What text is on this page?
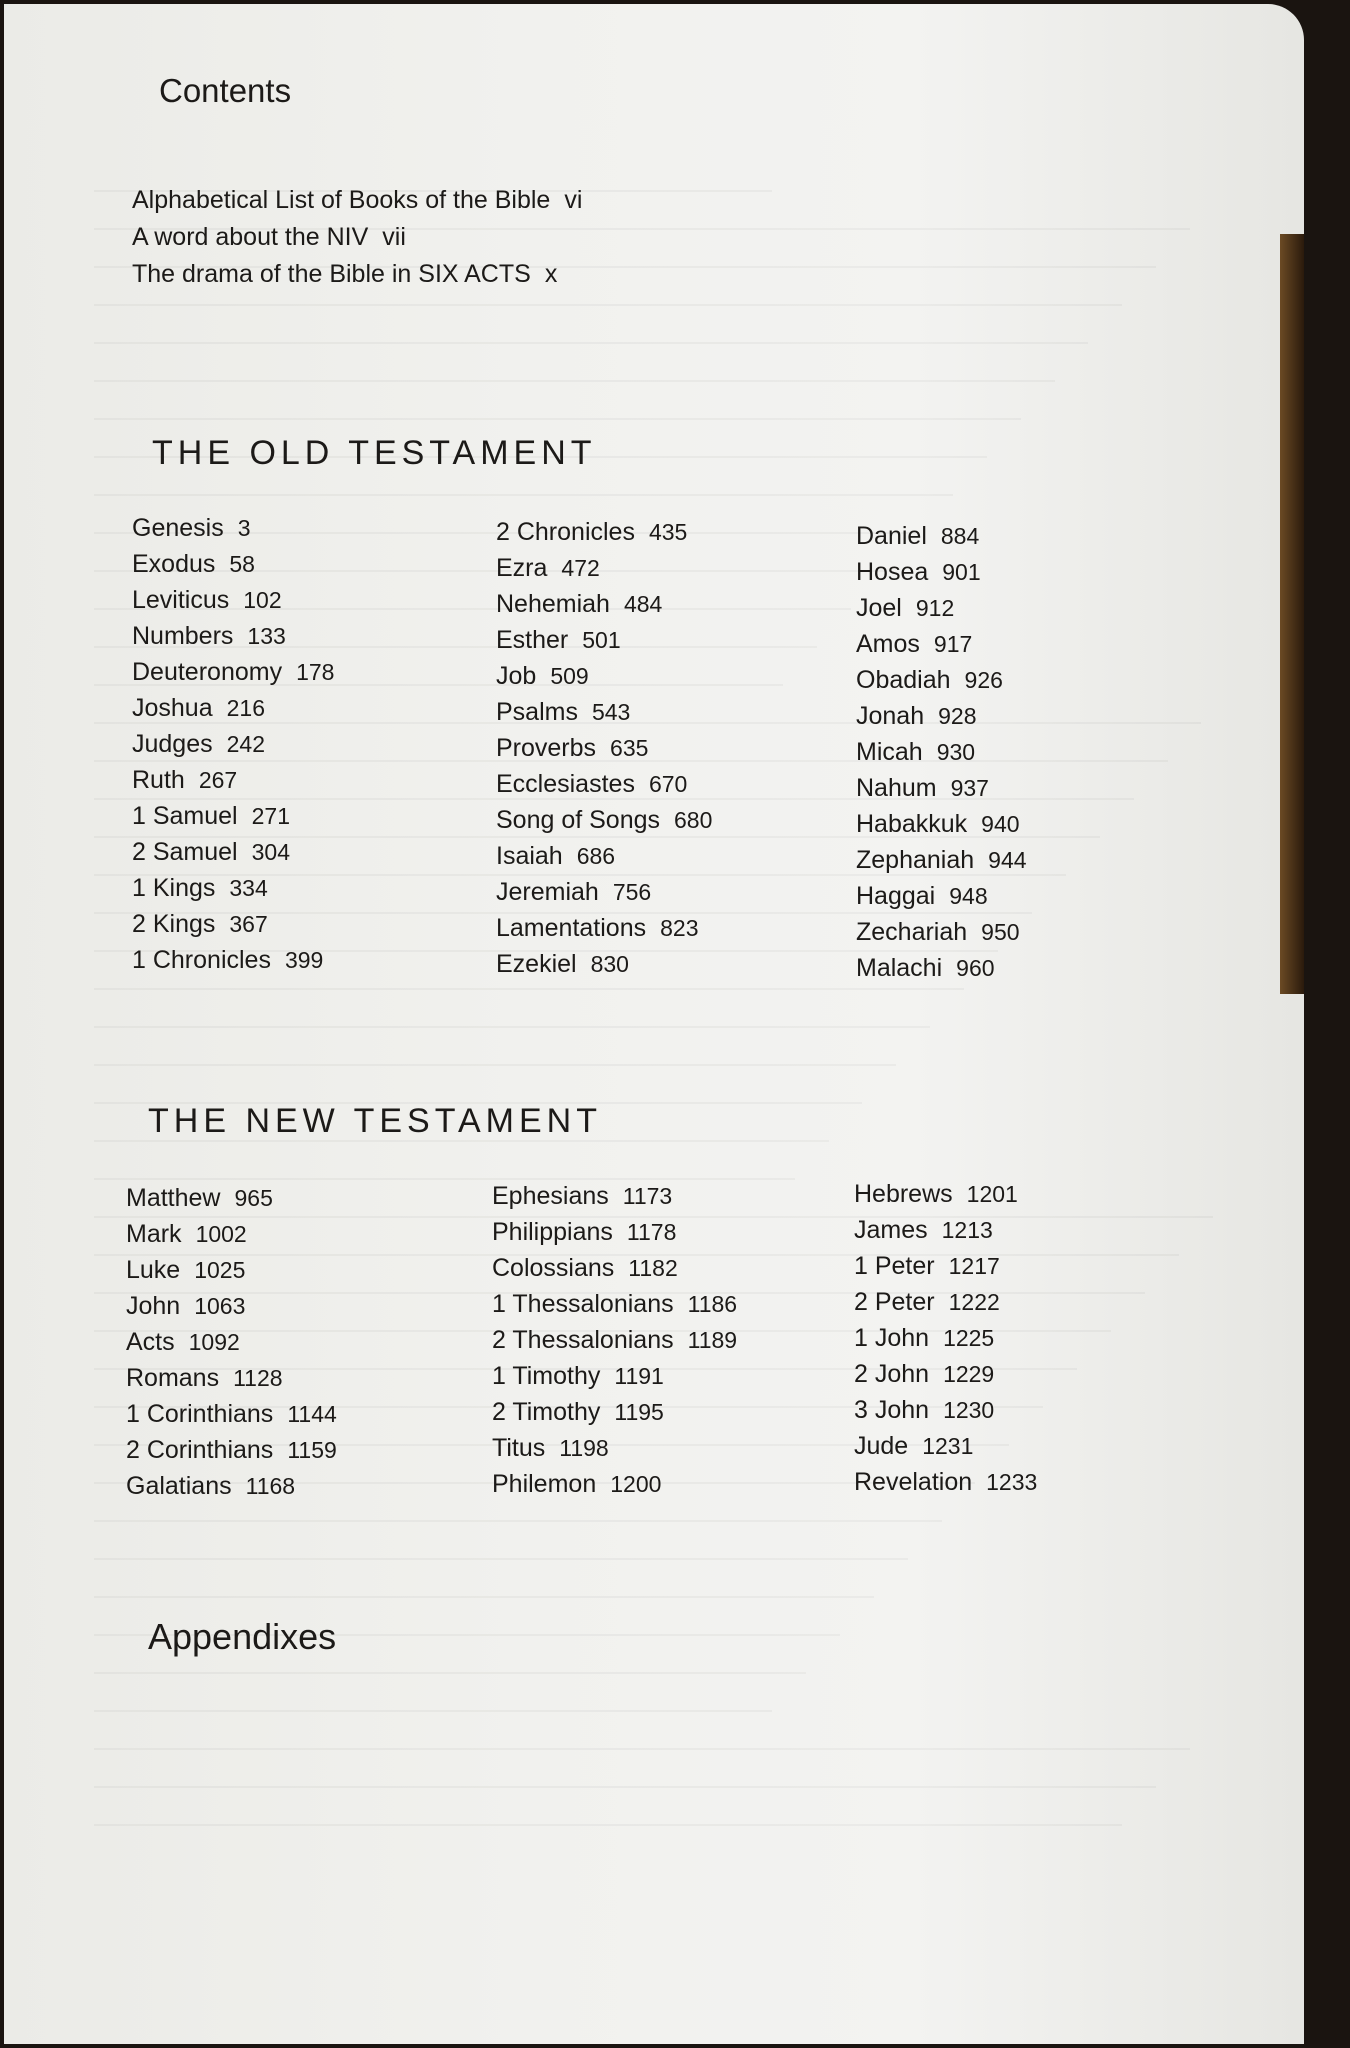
Contents
Alphabetical List of Books of the Bible vi
A word about the NIV vii
The drama of the Bible in SIX ACTS x
THE OLD TESTAMENT
Genesis 3
Exodus 58
Leviticus 102
Numbers 133
Deuteronomy 178
Joshua 216
Judges 242
Ruth 267
1 Samuel 271
2 Samuel 304
1 Kings 334
2 Kings 367
1 Chronicles 399
2 Chronicles 435
Ezra 472
Nehemiah 484
Esther 501
Job 509
Psalms 543
Proverbs 635
Ecclesiastes 670
Song of Songs 680
Isaiah 686
Jeremiah 756
Lamentations 823
Ezekiel 830
Daniel 884
Hosea 901
Joel 912
Amos 917
Obadiah 926
Jonah 928
Micah 930
Nahum 937
Habakkuk 940
Zephaniah 944
Haggai 948
Zechariah 950
Malachi 960
THE NEW TESTAMENT
Matthew 965
Mark 1002
Luke 1025
John 1063
Acts 1092
Romans 1128
1 Corinthians 1144
2 Corinthians 1159
Galatians 1168
Ephesians 1173
Philippians 1178
Colossians 1182
1 Thessalonians 1186
2 Thessalonians 1189
1 Timothy 1191
2 Timothy 1195
Titus 1198
Philemon 1200
Hebrews 1201
James 1213
1 Peter 1217
2 Peter 1222
1 John 1225
2 John 1229
3 John 1230
Jude 1231
Revelation 1233
Appendixes
